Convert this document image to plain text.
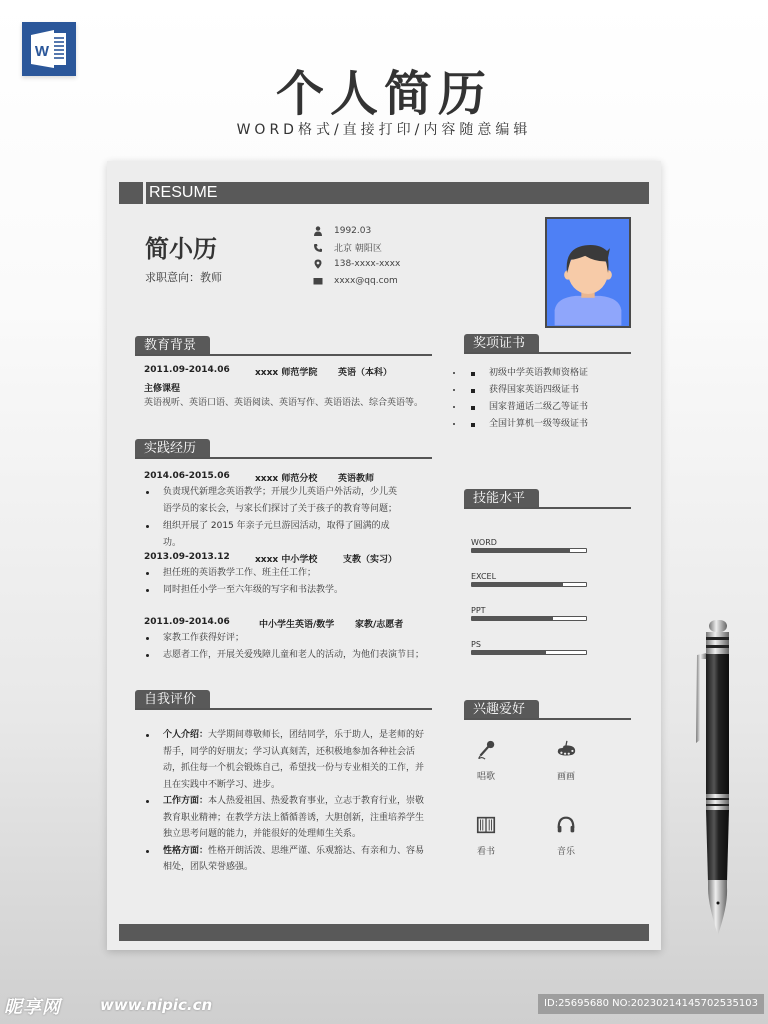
W
个人简历
WORD格式/直接打印/内容随意编辑
RESUME
简小历
求职意向：教师
1992.03
北京 朝阳区
138-xxxx-xxxx
xxxx@qq.com
教育背景
2011.09-2014.06	xxxx 师范学院 英语（本科）
主修课程
英语视听、英语口语、英语阅读、英语写作、英语语法、综合英语等。
实践经历
2014.06-2015.06	xxxx 师范分校 英语教师
负责现代新理念英语教学；开展少儿英语户外活动，少儿英语学员的家长会，与家长们探讨了关于孩子的教育等问题；
组织开展了 2015 年亲子元旦游园活动，取得了圆满的成功。
2013.09-2013.12	xxxx 中小学校	支教（实习）
担任班的英语教学工作、班主任工作；
同时担任小学一至六年级的写字和书法教学。
2011.09-2014.06	中小学生英语/数学 家教/志愿者
家教工作获得好评；
志愿者工作，开展关爱残障儿童和老人的活动，为他们表演节目；
自我评价
个人介绍：大学期间尊敬师长，团结同学，乐于助人，是老师的好帮手，同学的好朋友；学习认真刻苦，还积极地参加各种社会活动，抓住每一个机会锻炼自己，希望找一份与专业相关的工作，并且在实践中不断学习、进步。
工作方面：本人热爱祖国、热爱教育事业，立志于教育行业，崇敬教育职业精神；在教学方法上循循善诱，大胆创新，注重培养学生独立思考问题的能力，并能很好的处理师生关系。
性格方面：性格开朗活泼、思维严谨、乐观豁达、有亲和力、容易相处，团队荣誉感强。
奖项证书
• 初级中学英语教师资格证
• 获得国家英语四级证书
• 国家普通话二级乙等证书
• 全国计算机一级等级证书
技能水平
WORD
EXCEL
PPT
PS
兴趣爱好
唱歌	画画
看书	音乐
昵享网	www.nipic.cn	ID:25695680 NO:20230214145702535103
